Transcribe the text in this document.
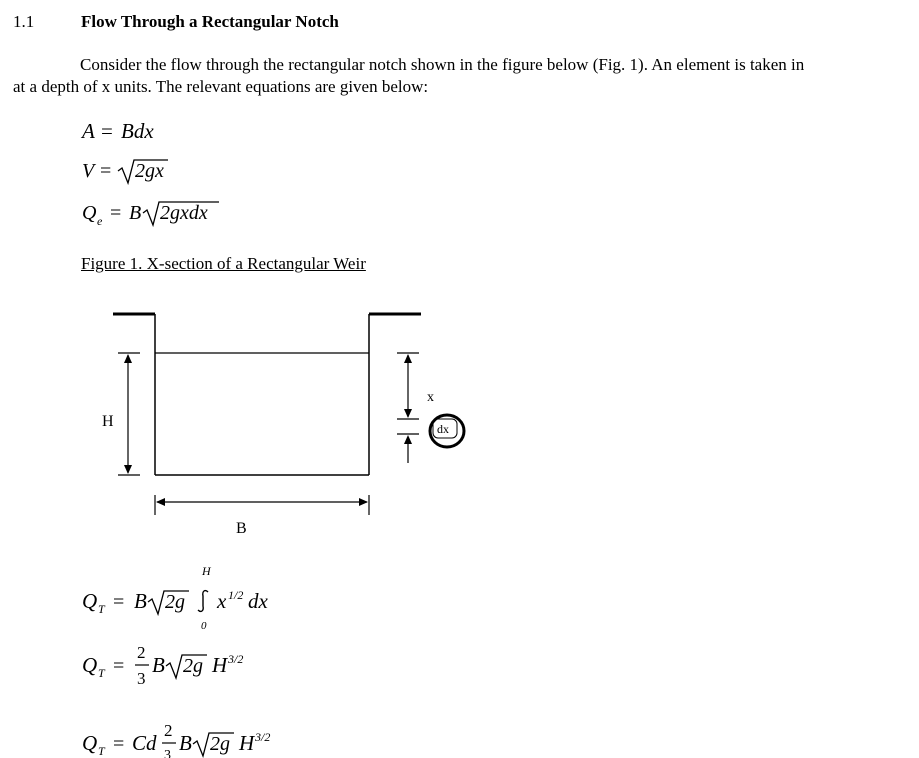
1.1	Flow Through a Rectangular Notch
Consider the flow through the rectangular notch shown in the figure below (Fig. 1). An element is taken in
at a depth of x units. The relevant equations are given below:
A = Bdx
V = 2gx
Q e = B 2gxdx
Figure 1. X-section of a Rectangular Weir
H
x
dx
B
Q T = B 2g
H
0
x 1/2 dx
Q T =
2
3
B 2g H 3/2
Q T = Cd
2
3
B 2g H 3/2
